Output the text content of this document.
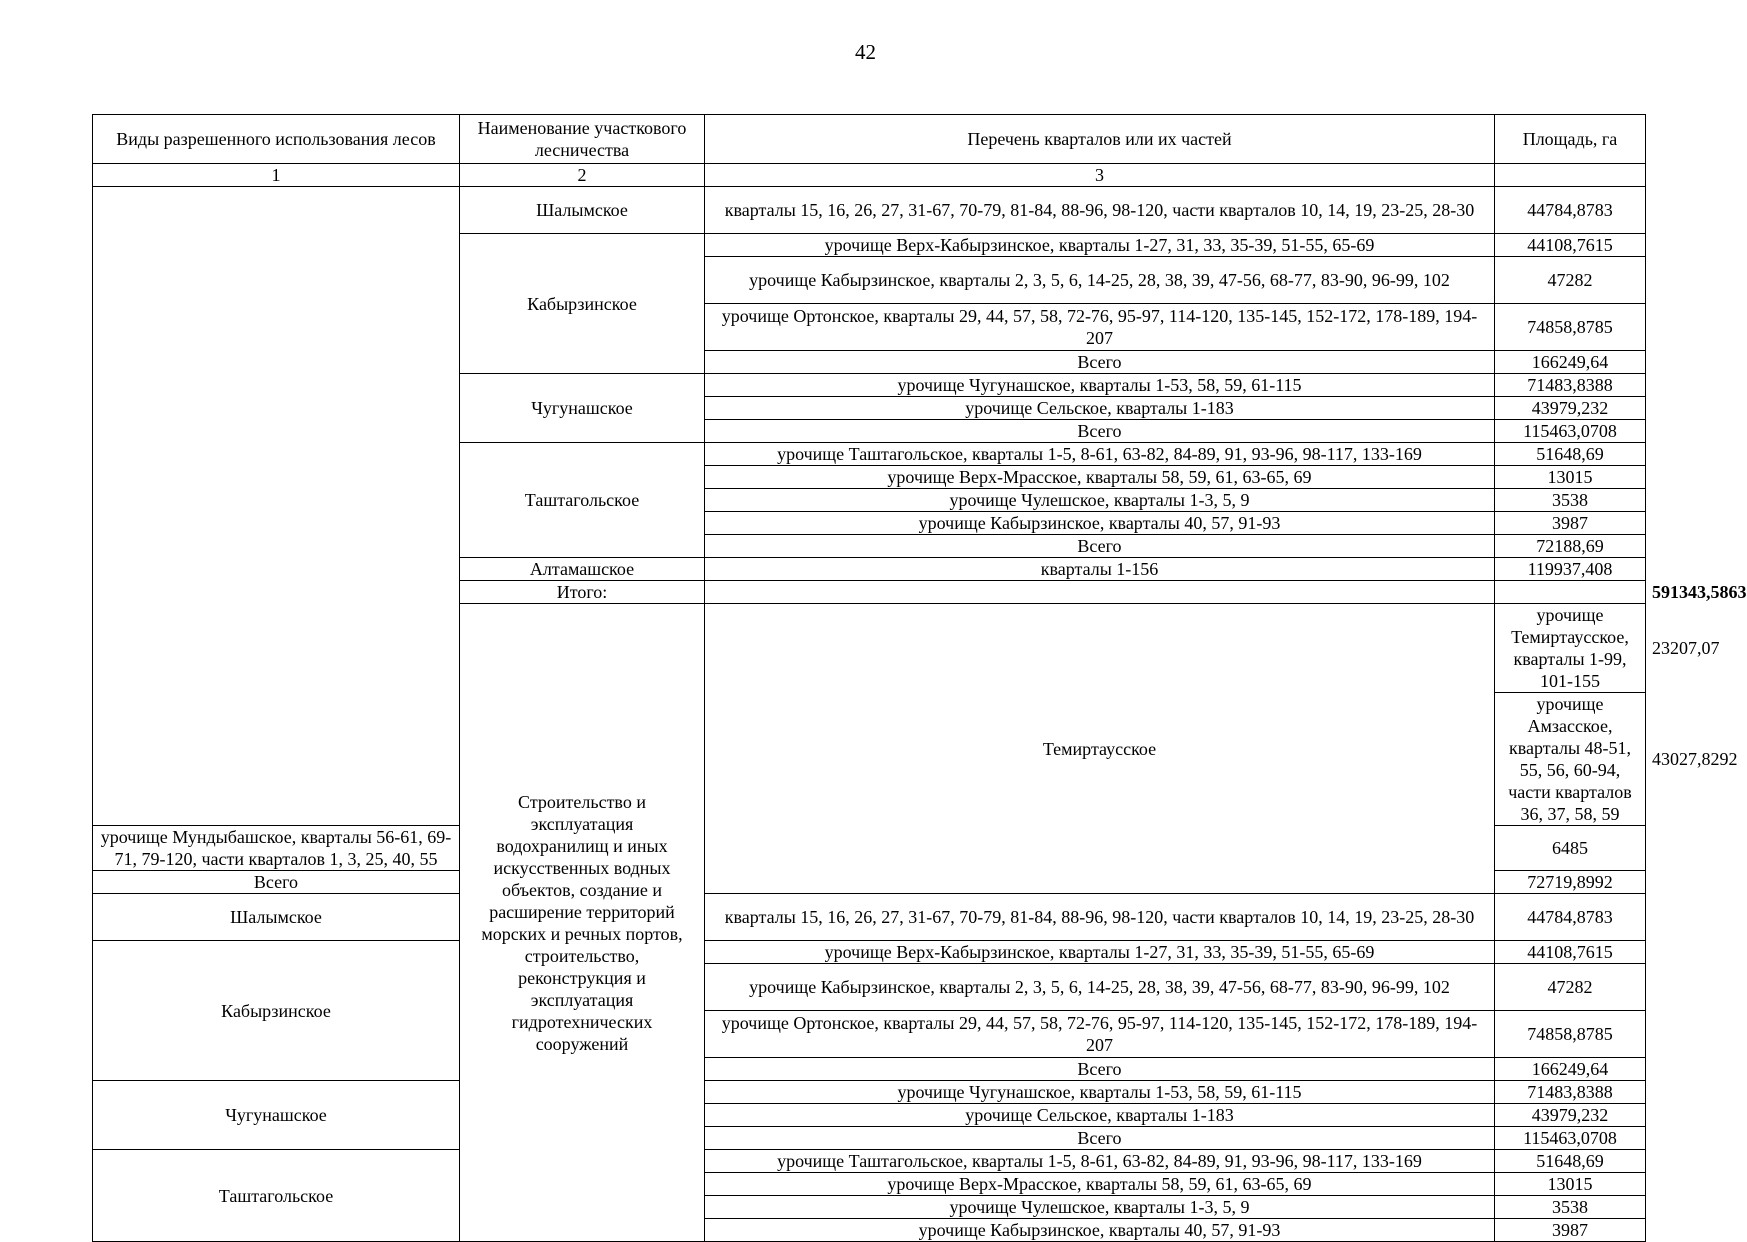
42
Виды разрешенного использования лесов	Наименование участкового лесничества	Перечень кварталов или их частей	Площадь, га	
1	2	3		
	Шалымское	кварталы 15, 16, 26, 27, 31-67, 70-79, 81-84, 88-96, 98-120, части кварталов 10, 14, 19, 23-25, 28-30	44784,8783	
	Кабырзинское	урочище Верх-Кабырзинское, кварталы 1-27, 31, 33, 35-39, 51-55, 65-69	44108,7615	
		урочище Кабырзинское, кварталы 2, 3, 5, 6, 14-25, 28, 38, 39, 47-56, 68-77, 83-90, 96-99, 102	47282	
		урочище Ортонское, кварталы 29, 44, 57, 58, 72-76, 95-97, 114-120, 135-145, 152-172, 178-189, 194-207	74858,8785	
		Всего	166249,64	
	Чугунашское	урочище Чугунашское, кварталы 1-53, 58, 59, 61-115	71483,8388	
		урочище Сельское, кварталы 1-183	43979,232	
		Всего	115463,0708	
	Таштагольское	урочище Таштагольское, кварталы 1-5, 8-61, 63-82, 84-89, 91, 93-96, 98-117, 133-169	51648,69	
		урочище Верх-Мрасское, кварталы 58, 59, 61, 63-65, 69	13015	
		урочище Чулешское, кварталы 1-3, 5, 9	3538	
		урочище Кабырзинское, кварталы 40, 57, 91-93	3987	
		Всего	72188,69	
	Алтамашское	кварталы 1-156	119937,408	
	Итого:			591343,5863
	Строительство и эксплуатация водохранилищ и иных искусственных водных объектов, создание и расширение территорий морских и речных портов, строительство, реконструкция и эксплуатация гидротехнических сооружений	Темиртаусское	урочище Темиртаусское, кварталы 1-99, 101-155	23207,07
			урочище Амзасское, кварталы 48-51, 55, 56, 60-94, части кварталов 36, 37, 58, 59	43027,8292
урочище Мундыбашское, кварталы 56-61, 69-71, 79-120, части кварталов 1, 3, 25, 40, 55			6485	
Всего			72719,8992	
Шалымское		кварталы 15, 16, 26, 27, 31-67, 70-79, 81-84, 88-96, 98-120, части кварталов 10, 14, 19, 23-25, 28-30	44784,8783	
Кабырзинское		урочище Верх-Кабырзинское, кварталы 1-27, 31, 33, 35-39, 51-55, 65-69	44108,7615	
		урочище Кабырзинское, кварталы 2, 3, 5, 6, 14-25, 28, 38, 39, 47-56, 68-77, 83-90, 96-99, 102	47282	
		урочище Ортонское, кварталы 29, 44, 57, 58, 72-76, 95-97, 114-120, 135-145, 152-172, 178-189, 194-207	74858,8785	
		Всего	166249,64	
Чугунашское		урочище Чугунашское, кварталы 1-53, 58, 59, 61-115	71483,8388	
		урочище Сельское, кварталы 1-183	43979,232	
		Всего	115463,0708	
Таштагольское		урочище Таштагольское, кварталы 1-5, 8-61, 63-82, 84-89, 91, 93-96, 98-117, 133-169	51648,69	
		урочище Верх-Мрасское, кварталы 58, 59, 61, 63-65, 69	13015	
		урочище Чулешское, кварталы 1-3, 5, 9	3538	
		урочище Кабырзинское, кварталы 40, 57, 91-93	3987	
